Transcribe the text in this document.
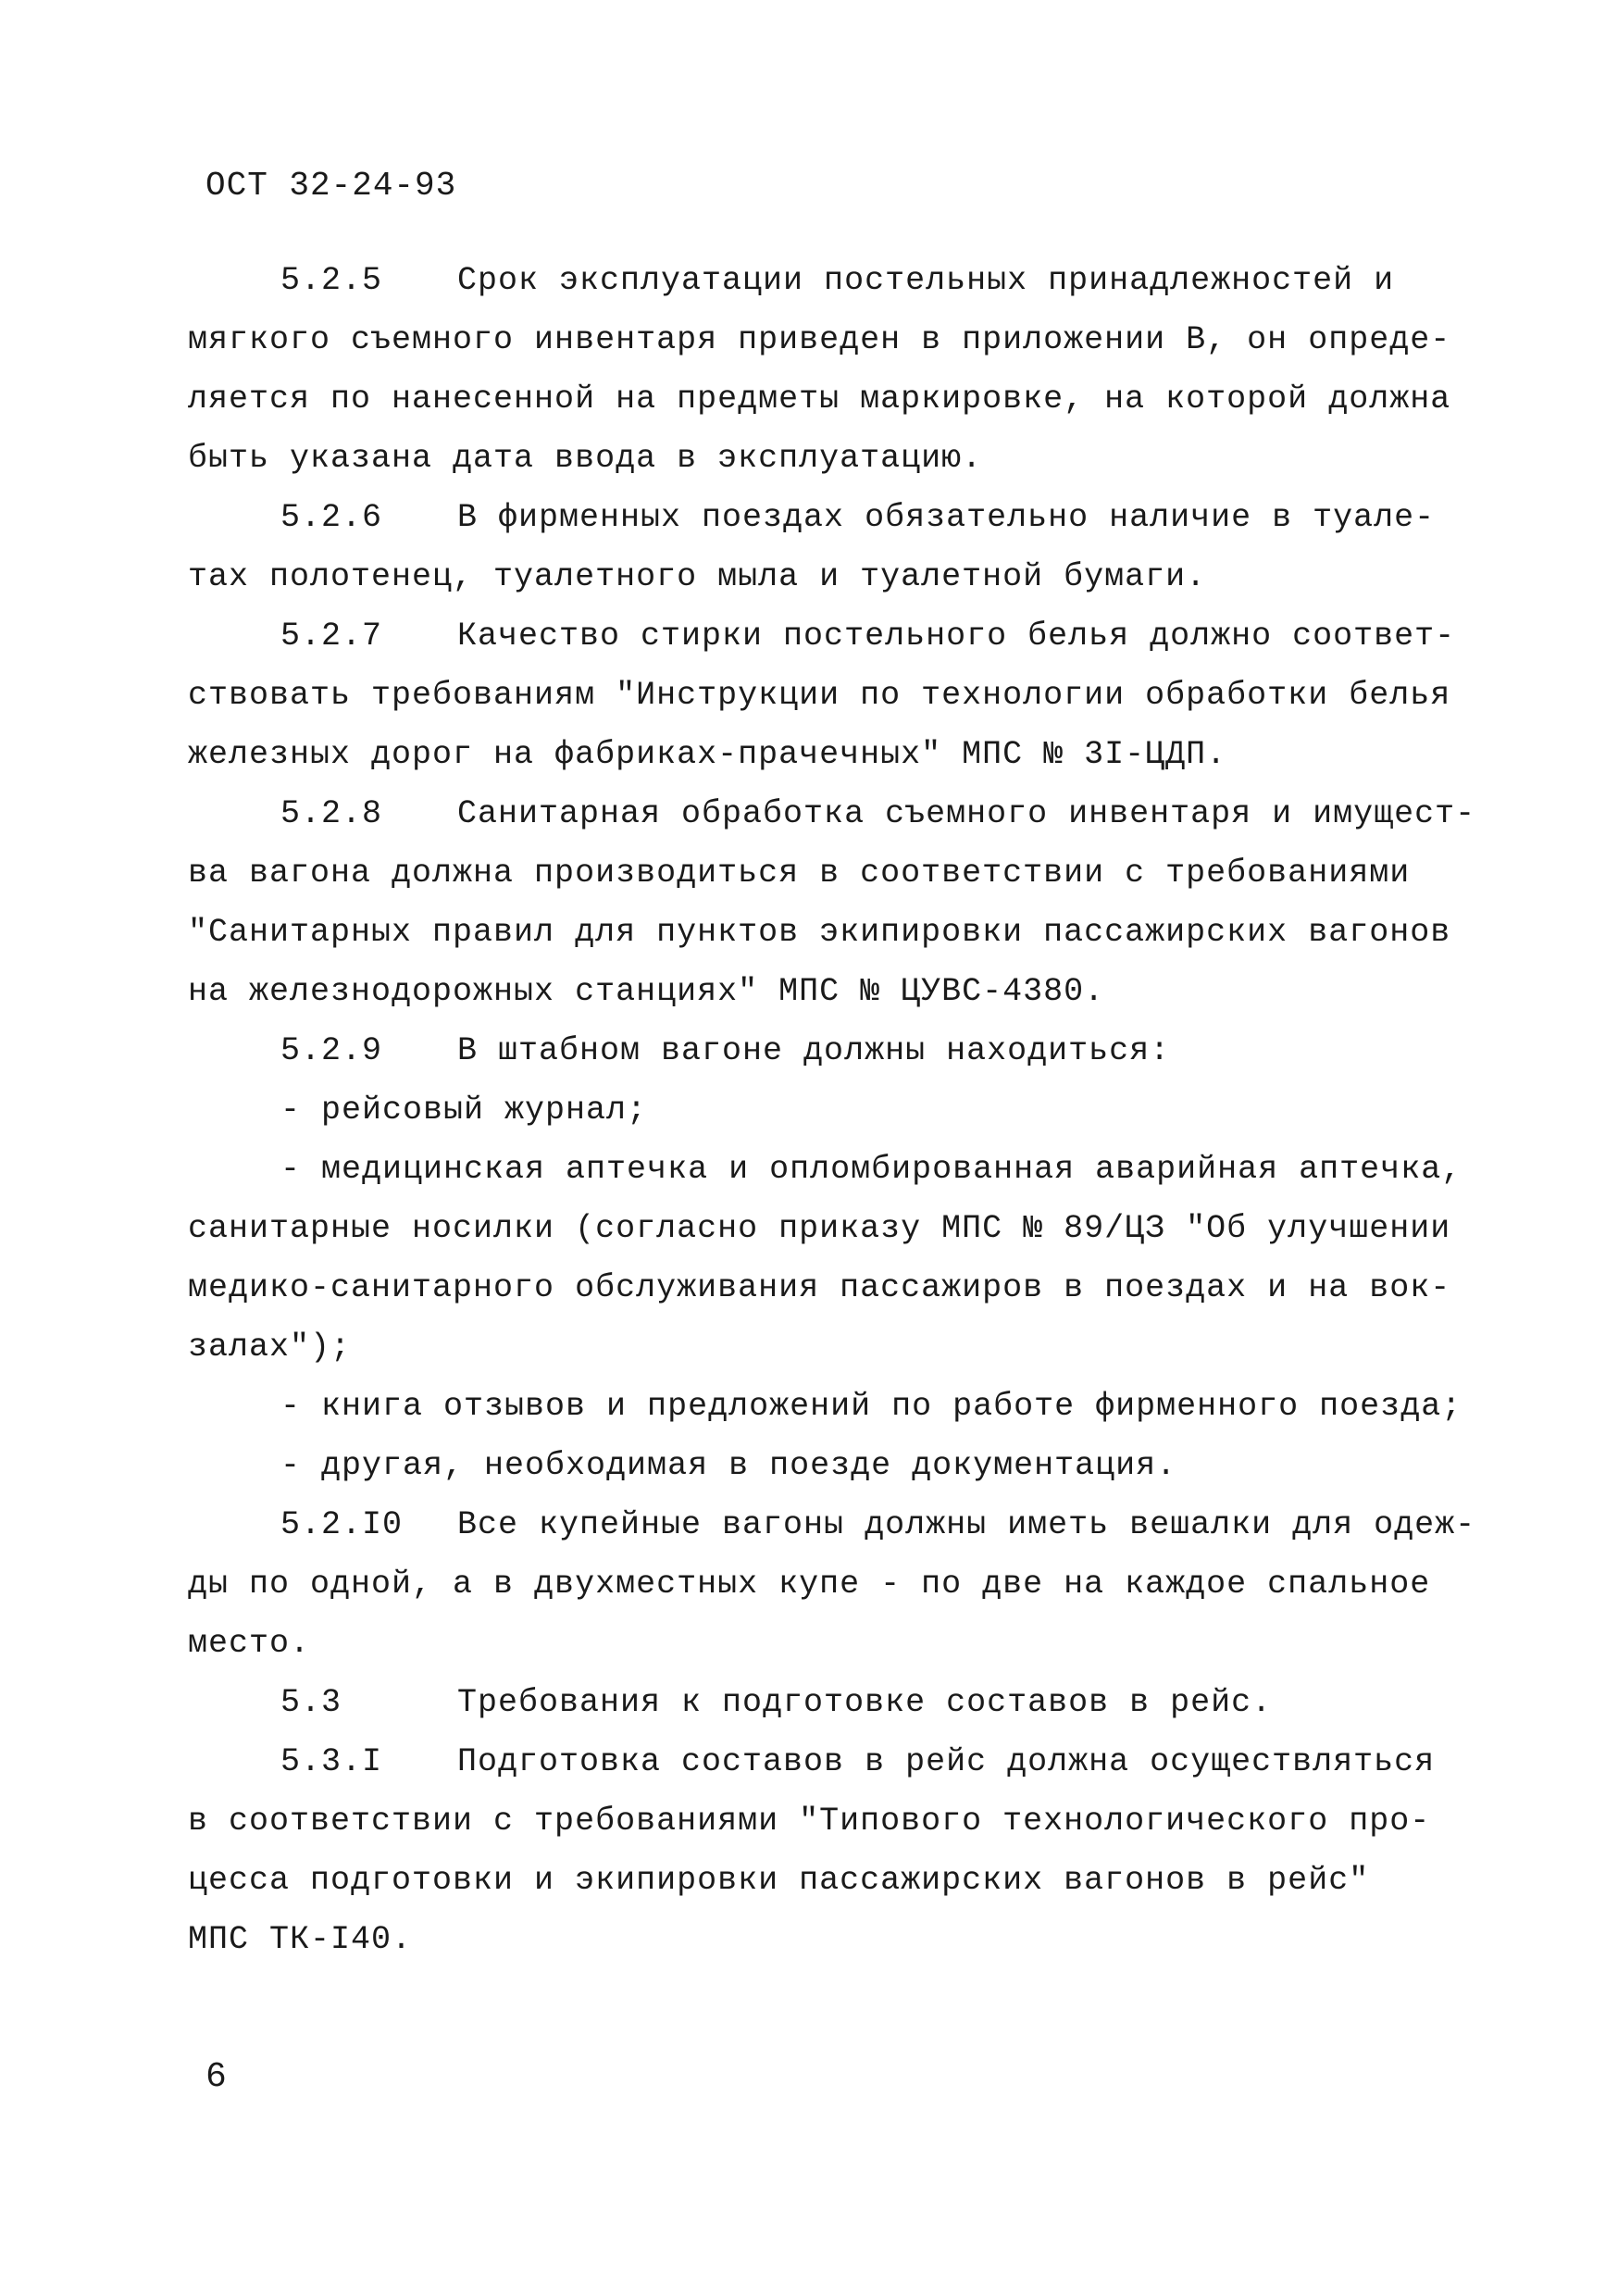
ОСТ 32-24-93
5.2.5 Срок эксплуатации постельных принадлежностей и
мягкого съемного инвентаря приведен в приложении В, он опреде-
ляется по нанесенной на предметы маркировке, на которой должна
быть указана дата ввода в эксплуатацию.
5.2.6 В фирменных поездах обязательно наличие в туале-
тах полотенец, туалетного мыла и туалетной бумаги.
5.2.7 Качество стирки постельного белья должно соответ-
ствовать требованиям "Инструкции по технологии обработки белья
железных дорог на фабриках-прачечных" МПС № 3I-ЦДП.
5.2.8 Санитарная обработка съемного инвентаря и имущест-
ва вагона должна производиться в соответствии с требованиями
"Санитарных правил для пунктов экипировки пассажирских вагонов
на железнодорожных станциях" МПС № ЦУВС-4380.
5.2.9 В штабном вагоне должны находиться:
- рейсовый журнал;
- медицинская аптечка и опломбированная аварийная аптечка,
санитарные носилки (согласно приказу МПС № 89/ЦЗ "Об улучшении
медико-санитарного обслуживания пассажиров в поездах и на вок-
залах");
- книга отзывов и предложений по работе фирменного поезда;
- другая, необходимая в поезде документация.
5.2.I0 Все купейные вагоны должны иметь вешалки для одеж-
ды по одной, а в двухместных купе - по две на каждое спальное
место.
5.3	Требования к подготовке составов в рейс.
5.3.I Подготовка составов в рейс должна осуществляться
в соответствии с требованиями "Типового технологического про-
цесса подготовки и экипировки пассажирских вагонов в рейс"
МПС ТК-I40.
6
